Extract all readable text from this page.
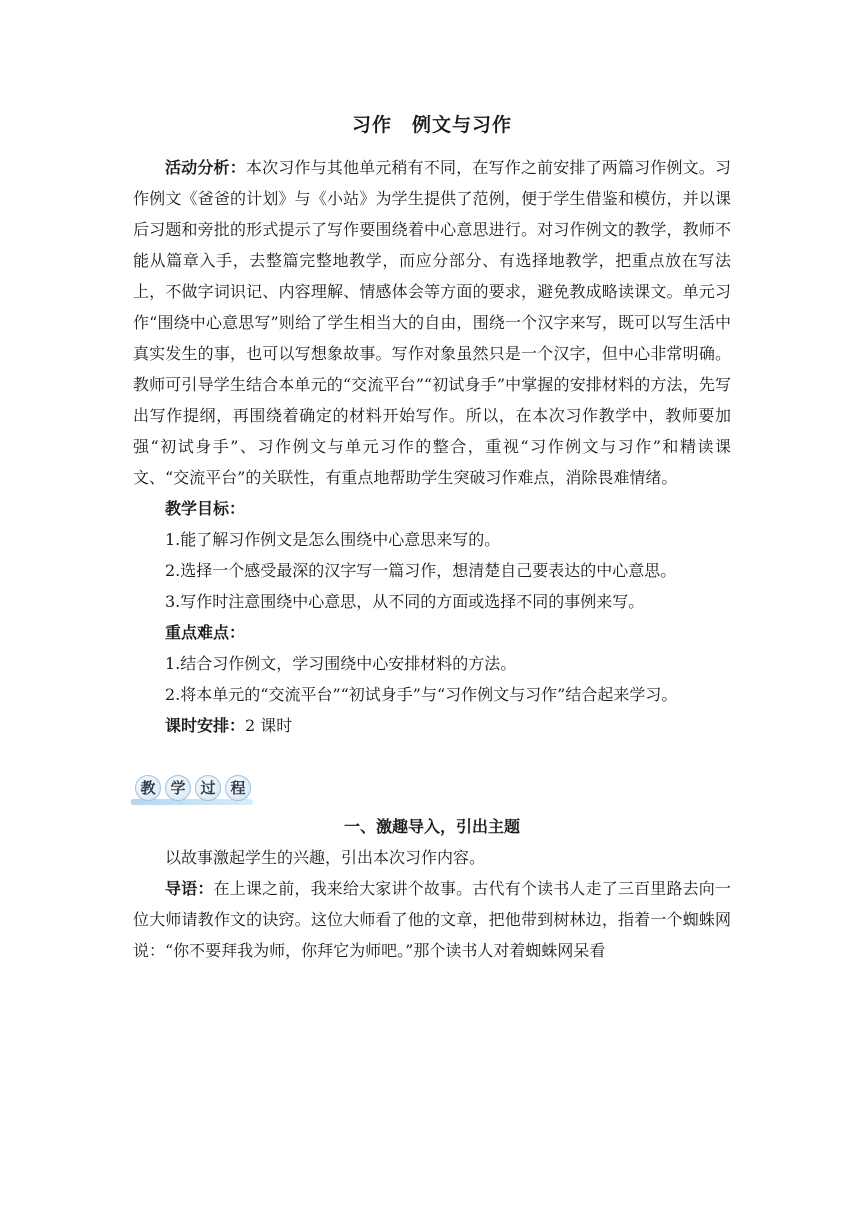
习作 例文与习作

活动分析：本次习作与其他单元稍有不同，在写作之前安排了两篇习作例文。习作例文《爸爸的计划》与《小站》为学生提供了范例，便于学生借鉴和模仿，并以课后习题和旁批的形式提示了写作要围绕着中心意思进行。对习作例文的教学，教师不能从篇章入手，去整篇完整地教学，而应分部分、有选择地教学，把重点放在写法上，不做字词识记、内容理解、情感体会等方面的要求，避免教成略读课文。单元习作“围绕中心意思写”则给了学生相当大的自由，围绕一个汉字来写，既可以写生活中真实发生的事，也可以写想象故事。写作对象虽然只是一个汉字，但中心非常明确。教师可引导学生结合本单元的“交流平台”“初试身手”中掌握的安排材料的方法，先写出写作提纲，再围绕着确定的材料开始写作。所以，在本次习作教学中，教师要加强“初试身手”、习作例文与单元习作的整合，重视“习作例文与习作”和精读课文、“交流平台”的关联性，有重点地帮助学生突破习作难点，消除畏难情绪。

教学目标：

1.能了解习作例文是怎么围绕中心意思来写的。

2.选择一个感受最深的汉字写一篇习作，想清楚自己要表达的中心意思。

3.写作时注意围绕中心意思，从不同的方面或选择不同的事例来写。

重点难点：

1.结合习作例文，学习围绕中心安排材料的方法。

2.将本单元的“交流平台”“初试身手”与“习作例文与习作”结合起来学习。

课时安排：2 课时

教 学 过 程
一、激趣导入，引出主题

以故事激起学生的兴趣，引出本次习作内容。

导语：在上课之前，我来给大家讲个故事。古代有个读书人走了三百里路去向一位大师请教作文的诀窍。这位大师看了他的文章，把他带到树林边，指着一个蜘蛛网说：“你不要拜我为师，你拜它为师吧。”那个读书人对着蜘蛛网呆看
